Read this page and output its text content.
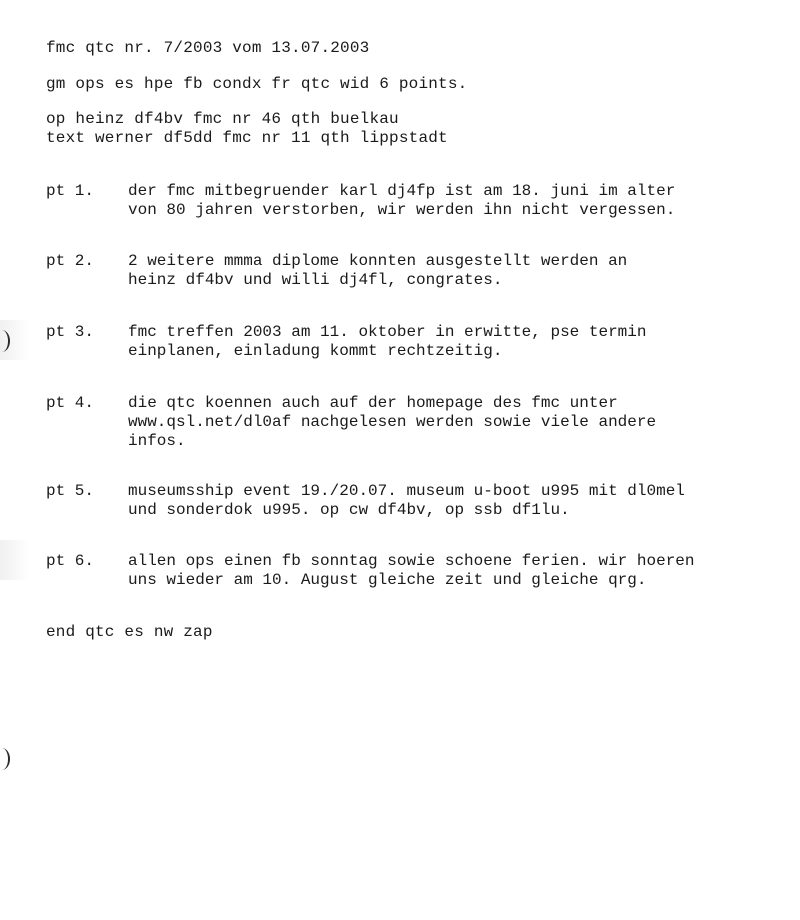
fmc qtc nr. 7/2003 vom 13.07.2003
gm ops es hpe fb condx fr qtc wid 6 points.
op heinz df4bv fmc nr 46 qth buelkau
text werner df5dd fmc nr 11 qth lippstadt
pt 1. der fmc mitbegruender karl dj4fp ist am 18. juni im alter
von 80 jahren verstorben, wir werden ihn nicht vergessen.
pt 2. 2 weitere mmma diplome konnten ausgestellt werden an
heinz df4bv und willi dj4fl, congrates.
pt 3. fmc treffen 2003 am 11. oktober in erwitte, pse termin
einplanen, einladung kommt rechtzeitig.
pt 4. die qtc koennen auch auf der homepage des fmc unter
www.qsl.net/dl0af nachgelesen werden sowie viele andere
infos.
pt 5. museumsship event 19./20.07. museum u-boot u995 mit dl0mel
und sonderdok u995. op cw df4bv, op ssb df1lu.
pt 6. allen ops einen fb sonntag sowie schoene ferien. wir hoeren
uns wieder am 10. August gleiche zeit und gleiche qrg.
end qtc es nw zap
